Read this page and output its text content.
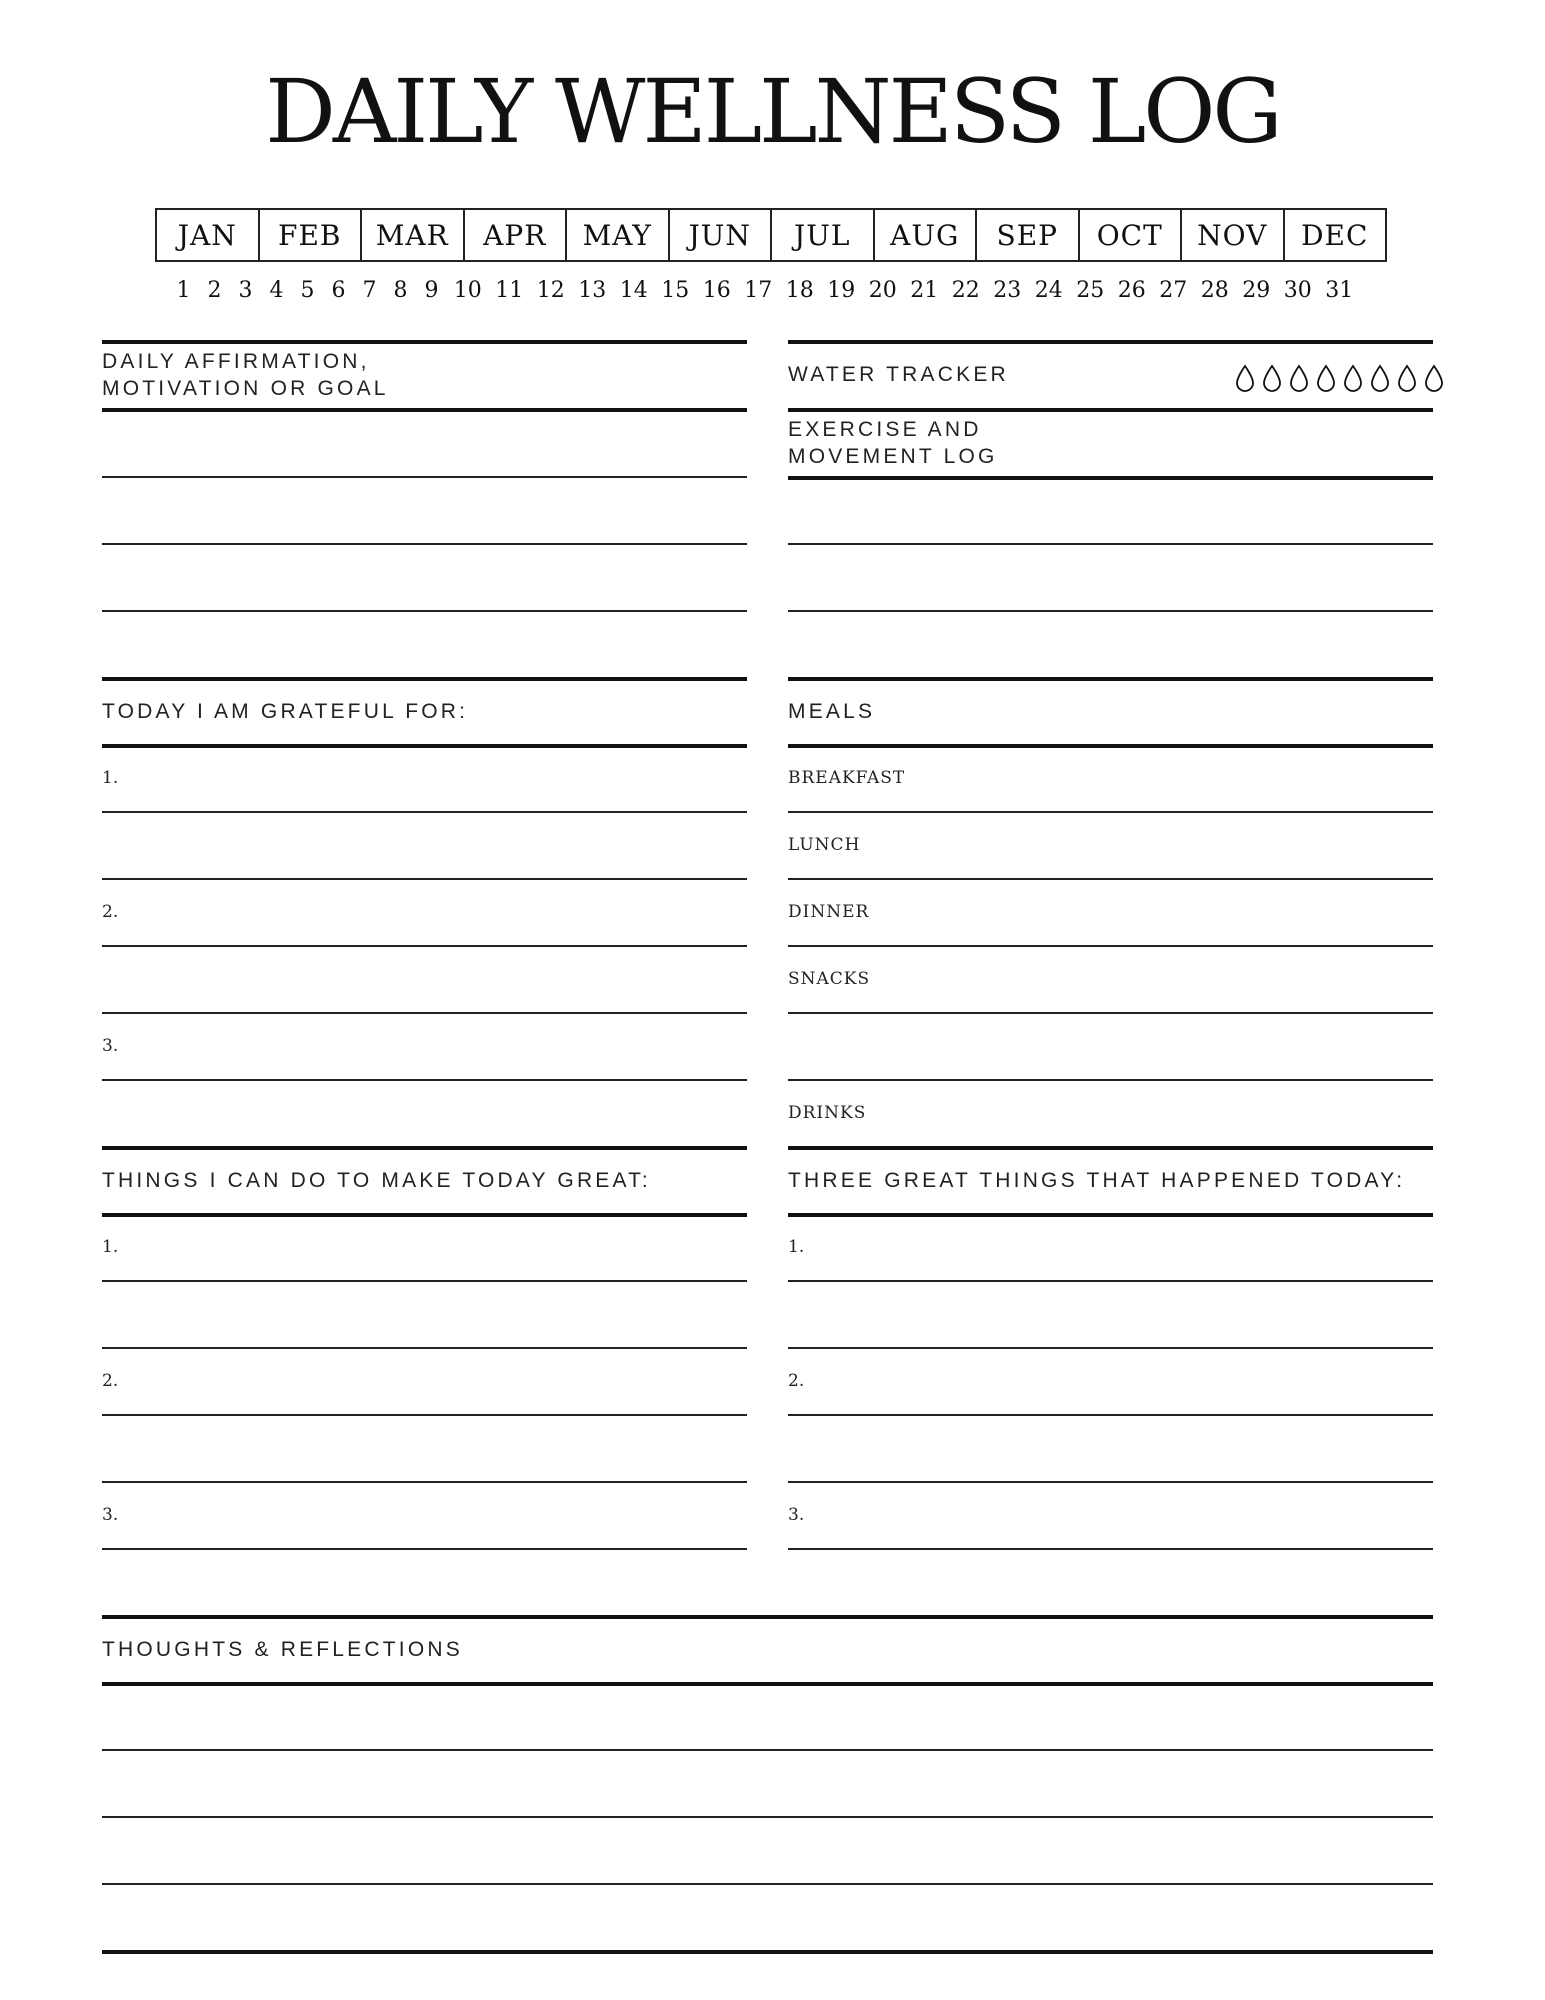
DAILY WELLNESS LOG
JAN	FEB	MAR	APR	MAY	JUN	JUL	AUG	SEP	OCT	NOV	DEC
1 2 3 4 5 6 7 8 9 10 11 12 13 14 15 16 17 18 19 20 21 22 23 24 25 26 27 28 29 30 31
DAILY AFFIRMATION,
MOTIVATION OR GOAL
TODAY I AM GRATEFUL FOR:
1.
2.
3.
THINGS I CAN DO TO MAKE TODAY GREAT:
1.
2.
3.
WATER TRACKER
EXERCISE AND
MOVEMENT LOG
MEALS
BREAKFAST
LUNCH
DINNER
SNACKS
DRINKS
THREE GREAT THINGS THAT HAPPENED TODAY:
1.
2.
3.
THOUGHTS & REFLECTIONS
